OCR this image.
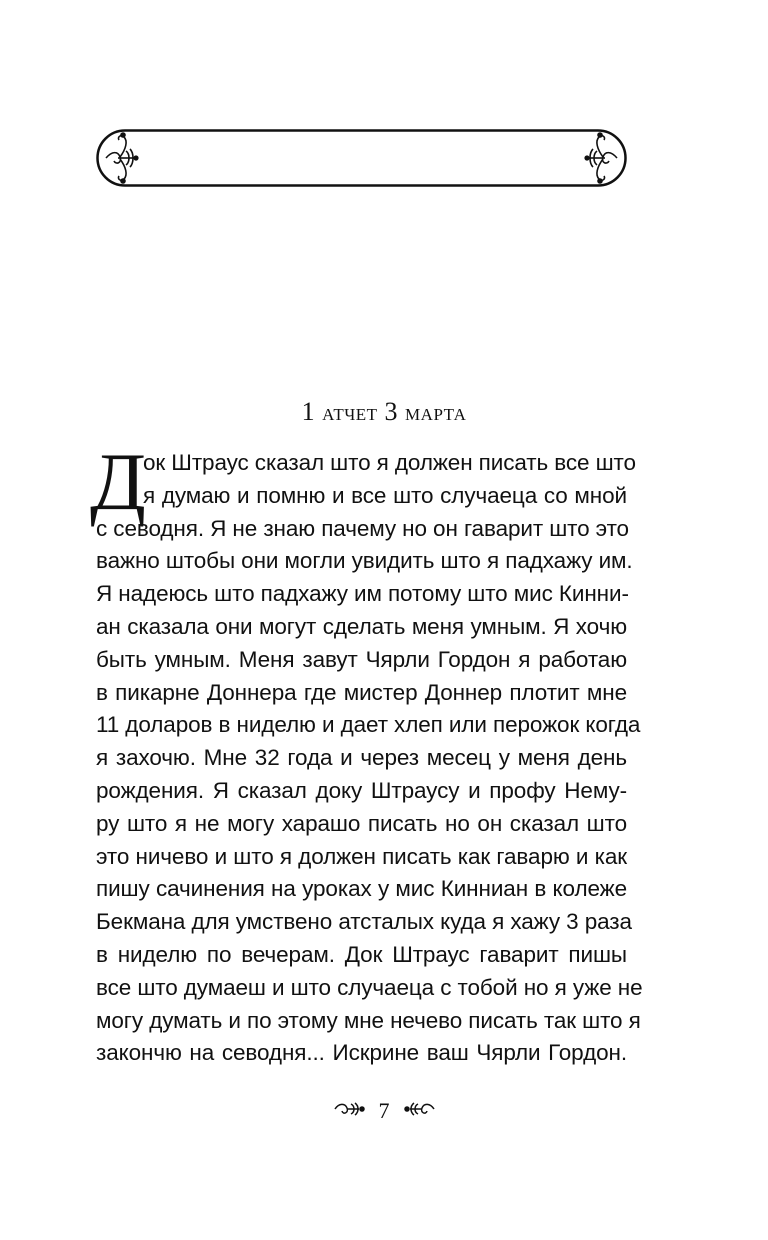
1 атчет 3 марта
Д
ок Штраус сказал што я должен писать все што
я думаю и помню и все што случаеца со мной
с севодня. Я не знаю пачему но он гаварит што это
важно штобы они могли увидить што я падхажу им.
Я надеюсь што падхажу им потому што мис Кинни-
ан сказала они могут сделать меня умным. Я хочю
быть умным. Меня завут Чярли Гордон я работаю
в пикарне Доннера где мистер Доннер плотит мне
11 доларов в ниделю и дает хлеп или перожок когда
я захочю. Мне 32 года и через месец у меня день
рождения. Я сказал доку Штраусу и профу Нему-
ру што я не могу харашо писать но он сказал што
это ничево и што я должен писать как гаварю и как
пишу сачинения на уроках у мис Кинниан в колеже
Бекмана для умствено атсталых куда я хажу 3 раза
в ниделю по вечерам. Док Штраус гаварит пишы
все што думаеш и што случаеца с тобой но я уже не
могу думать и по этому мне нечево писать так што я
закончю на севодня... Искрине ваш Чярли Гордон.
7
